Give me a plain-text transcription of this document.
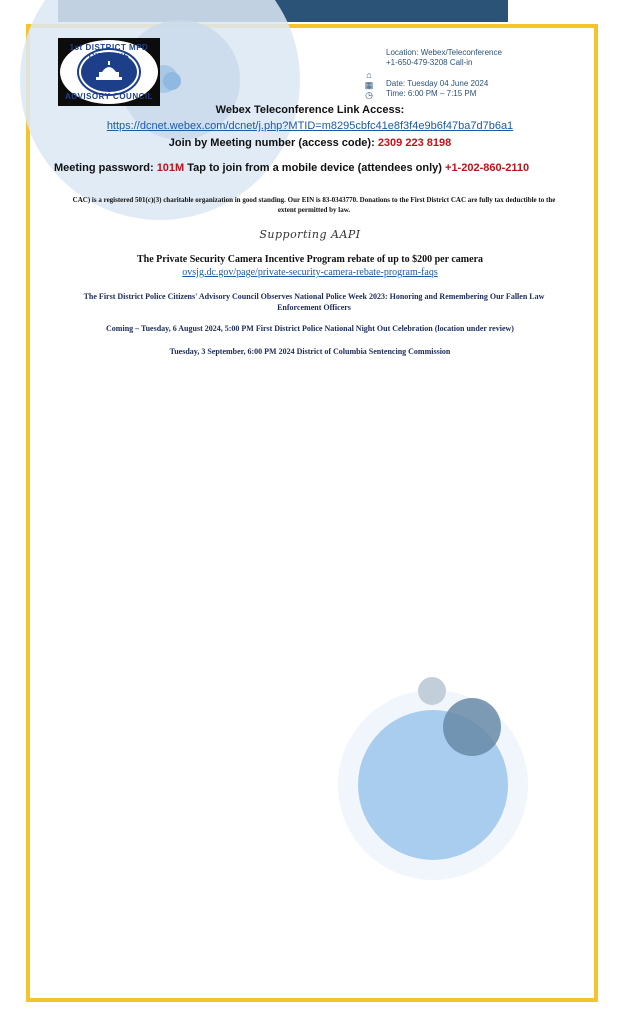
1st DISTRICT MPD CITIZENS
ADVISORY COUNCIL
⌂
▦
◷
Location: Webex/Teleconference
+1-650-479-3208 Call-in
Date: Tuesday 04 June 2024
Time: 6:00 PM – 7:15 PM
Webex Teleconference Link Access:
https://dcnet.webex.com/dcnet/j.php?MTID=m8295cbfc41e8f3f4e9b6f47ba7d7b6a1
Join by Meeting number (access code): 2309 223 8198
Meeting password: 101M Tap to join from a mobile device (attendees only) +1-202-860-2110
CAC) is a registered 501(c)(3) charitable organization in good standing. Our EIN is 83-0343770. Donations to the First District CAC are fully tax deductible to the extent permitted by law.
Supporting AAPI
The Private Security Camera Incentive Program rebate of up to $200 per camera
ovsjg.dc.gov/page/private-security-camera-rebate-program-faqs
The First District Police Citizens' Advisory Council Observes National Police Week 2023: Honoring and Remembering Our Fallen Law Enforcement Officers
Coming – Tuesday, 6 August 2024, 5:00 PM First District Police National Night Out Celebration (location under review)
Tuesday, 3 September, 6:00 PM 2024 District of Columbia Sentencing Commission
